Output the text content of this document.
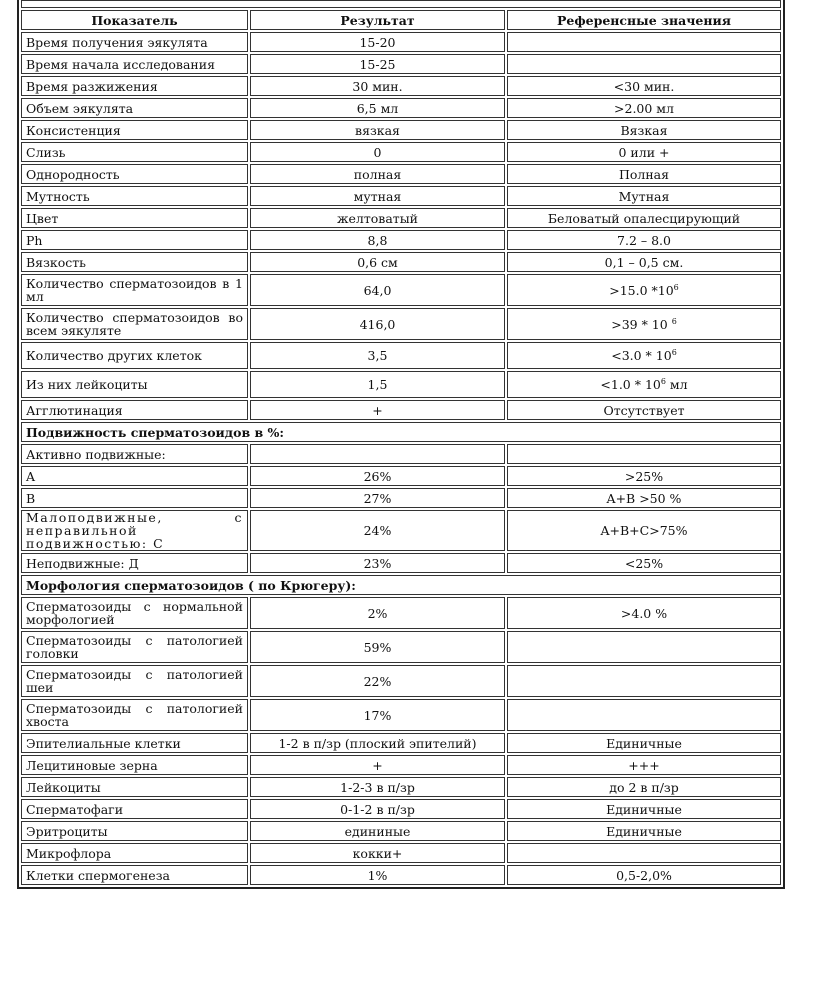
Показатель	Результат	Референсные значения
Время получения эякулята	15-20	
Время начала исследования	15-25	
Время разжижения	30 мин.	<30 мин.
Объем эякулята	6,5 мл	>2.00 мл
Консистенция	вязкая	Вязкая
Слизь	0	0 или +
Однородность	полная	Полная
Мутность	мутная	Мутная
Цвет	желтоватый	Беловатый опалесцирующий
Ph	8,8	7.2 – 8.0
Вязкость	0,6 см	0,1 – 0,5 см.
Количество сперматозоидов в 1 мл	64,0	>15.0 $*10^6$
Количество сперматозоидов во всем эякуляте	416,0	>39 * 10 $^6$
Количество других клеток	3,5	$<3.0 * 10^6$
Из них лейкоциты	1,5	$<1.0 * 10^6$ мл
Агглютинация	+	Отсутствует
Подвижность сперматозоидов в %:		
Активно подвижные:		
A	26%	>25%
B	27%	A+B >50 %
Малоподвижные, с неправильной подвижностью: С	24%	A+B+C>75%
Неподвижные: Д	23%	<25%
Морфология сперматозоидов ( по Крюгеру):		
Сперматозоиды с нормальной морфологией	2%	>4.0 %
Сперматозоиды с патологией головки	59%	
Сперматозоиды с патологией шеи	22%	
Сперматозоиды с патологией хвоста	17%	
Эпителиальные клетки	1-2 в п/зр (плоский эпителий)	Единичные
Лецитиновые зерна	+	+++
Лейкоциты	1-2-3 в п/зр	до 2 в п/зр
Сперматофаги	0-1-2 в п/зр	Единичные
Эритроциты	едининые	Единичные
Микрофлора	кокки+	
Клетки спермогенеза	1%	0,5-2,0%
